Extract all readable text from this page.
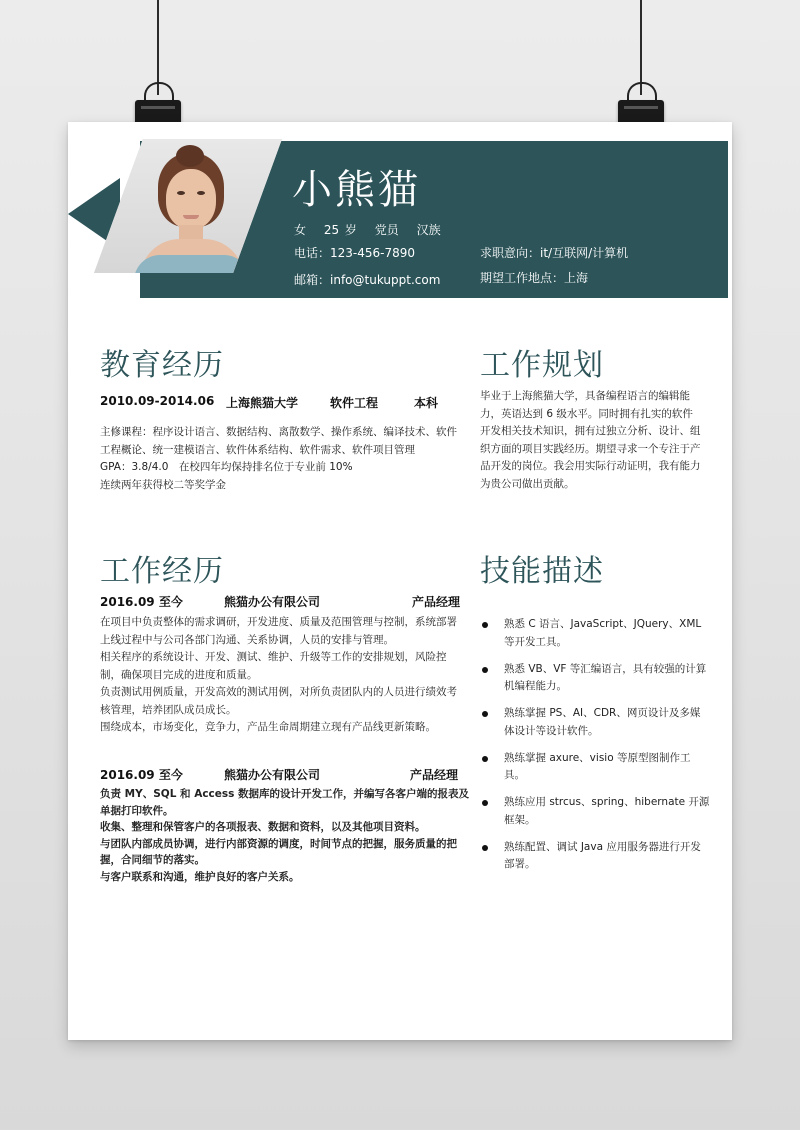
小熊猫
女 25 岁 党员 汉族
电话：123-456-7890
邮箱：info@tukuppt.com
求职意向：it/互联网/计算机
期望工作地点：上海
教育经历
2010.09-2014.06 上海熊猫大学	软件工程	本科
主修课程：程序设计语言、数据结构、离散数学、操作系统、编译技术、软件
工程概论、统一建模语言、软件体系结构、软件需求、软件项目管理
GPA：3.8/4.0　在校四年均保持排名位于专业前 10%
连续两年获得校二等奖学金
工作规划
毕业于上海熊猫大学，具备编程语言的编辑能
力，英语达到 6 级水平。同时拥有扎实的软件
开发相关技术知识，拥有过独立分析、设计、组
织方面的项目实践经历。期望寻求一个专注于产
品开发的岗位。我会用实际行动证明，我有能力
为贵公司做出贡献。
工作经历
2016.09 至今	熊猫办公有限公司	产品经理
在项目中负责整体的需求调研，开发进度、质量及范围管理与控制，系统部署
上线过程中与公司各部门沟通、关系协调，人员的安排与管理。
相关程序的系统设计、开发、测试、维护、升级等工作的安排规划，风险控
制，确保项目完成的进度和质量。
负责测试用例质量，开发高效的测试用例，对所负责团队内的人员进行绩效考
核管理，培养团队成员成长。
围绕成本，市场变化，竞争力，产品生命周期建立现有产品线更新策略。
2016.09 至今	熊猫办公有限公司	产品经理
负责 MY、SQL 和 Access 数据库的设计开发工作，并编写各客户端的报表及
单据打印软件。
收集、整理和保管客户的各项报表、数据和资料，以及其他项目资料。
与团队内部成员协调，进行内部资源的调度，时间节点的把握，服务质量的把
握，合同细节的落实。
与客户联系和沟通，维护良好的客户关系。
技能描述
熟悉 C 语言、JavaScript、JQuery、XML
等开发工具。
熟悉 VB、VF 等汇编语言，具有较强的计算
机编程能力。
熟练掌握 PS、AI、CDR、网页设计及多媒
体设计等设计软件。
熟练掌握 axure、visio 等原型图制作工
具。
熟练应用 strcus、spring、hibernate 开源
框架。
熟练配置、调试 Java 应用服务器进行开发
部署。
